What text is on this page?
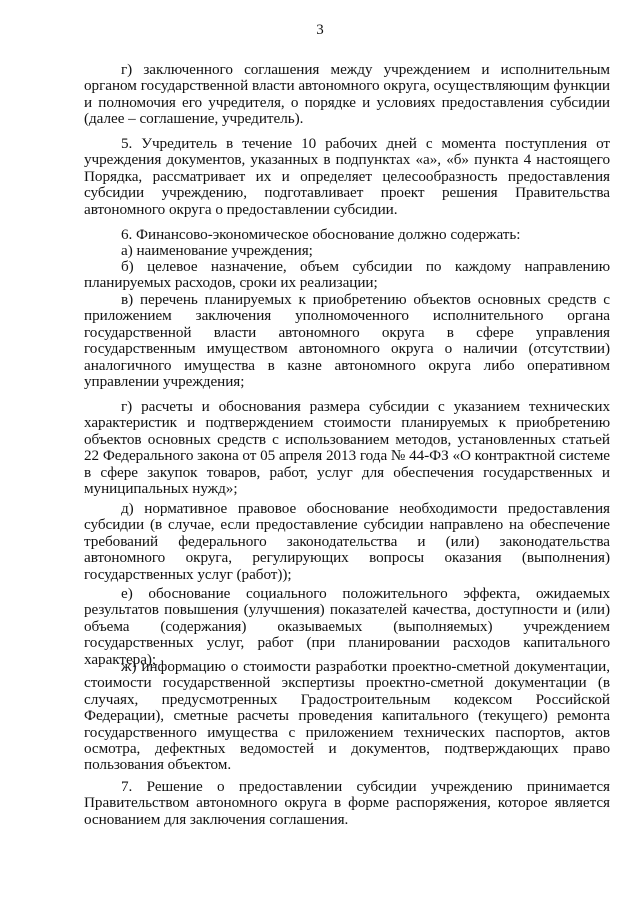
3

г) заключенного соглашения между учреждением и исполнительным органом государственной власти автономного округа, осуществляющим функции и полномочия его учредителя, о порядке и условиях предоставления субсидии (далее – соглашение, учредитель).

5. Учредитель в течение 10 рабочих дней с момента поступления от учреждения документов, указанных в подпунктах «а», «б» пункта 4 настоящего Порядка, рассматривает их и определяет целесообразность предоставления субсидии учреждению, подготавливает проект решения Правительства автономного округа о предоставлении субсидии.

6. Финансово-экономическое обоснование должно содержать:

а) наименование учреждения;

б) целевое назначение, объем субсидии по каждому направлению планируемых расходов, сроки их реализации;

в) перечень планируемых к приобретению объектов основных средств с приложением заключения уполномоченного исполнительного органа государственной власти автономного округа в сфере управления государственным имуществом автономного округа о наличии (отсутствии) аналогичного имущества в казне автономного округа либо оперативном управлении учреждения;

г) расчеты и обоснования размера субсидии с указанием технических характеристик и подтверждением стоимости планируемых к приобретению объектов основных средств с использованием методов, установленных статьей 22 Федерального закона от 05 апреля 2013 года № 44-ФЗ «О контрактной системе в сфере закупок товаров, работ, услуг для обеспечения государственных и муниципальных нужд»;

д) нормативное правовое обоснование необходимости предоставления субсидии (в случае, если предоставление субсидии направлено на обеспечение требований федерального законодательства и (или) законодательства автономного округа, регулирующих вопросы оказания (выполнения) государственных услуг (работ));

е) обоснование социального положительного эффекта, ожидаемых результатов повышения (улучшения) показателей качества, доступности и (или) объема (содержания) оказываемых (выполняемых) учреждением государственных услуг, работ (при планировании расходов капитального характера);

ж) информацию о стоимости разработки проектно-сметной документации, стоимости государственной экспертизы проектно-сметной документации (в случаях, предусмотренных Градостроительным кодексом Российской Федерации), сметные расчеты проведения капитального (текущего) ремонта государственного имущества с приложением технических паспортов, актов осмотра, дефектных ведомостей и документов, подтверждающих право пользования объектом.

7. Решение о предоставлении субсидии учреждению принимается Правительством автономного округа в форме распоряжения, которое является основанием для заключения соглашения.
